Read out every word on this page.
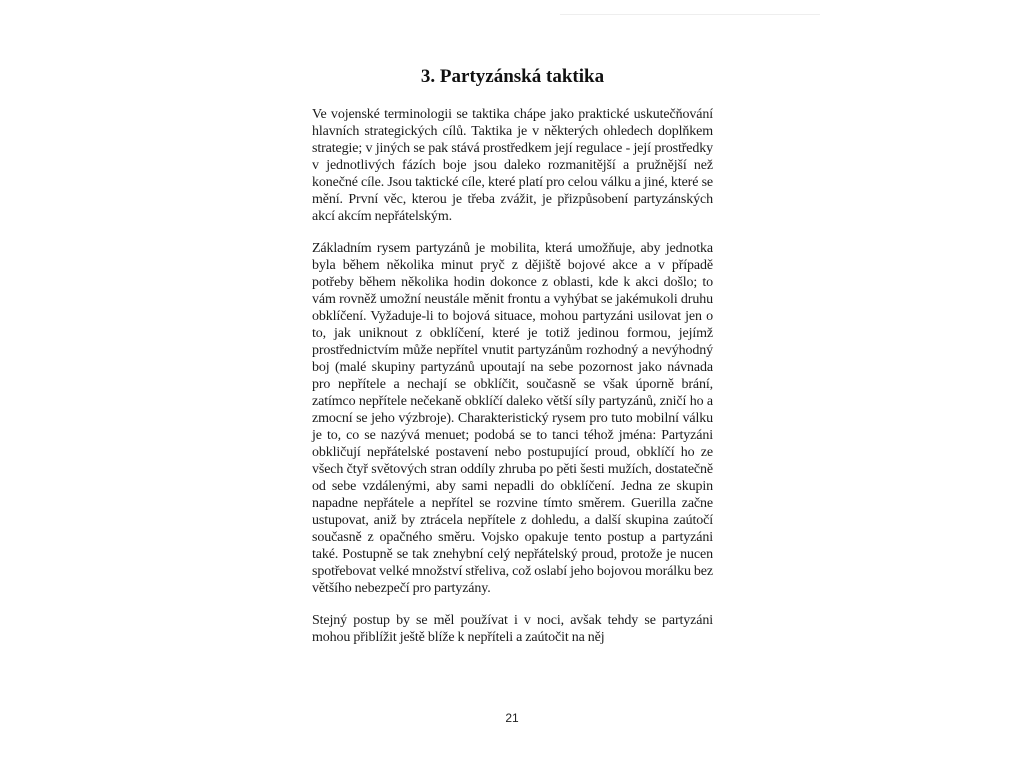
3. Partyzánská taktika

Ve vojenské terminologii se taktika chápe jako praktické uskutečňování hlavních strategických cílů. Taktika je v některých ohledech doplňkem strategie; v jiných se pak stává prostředkem její regulace - její prostředky v jednotlivých fázích boje jsou daleko rozmanitější a pružnější než konečné cíle. Jsou taktické cíle, které platí pro celou válku a jiné, které se mění. První věc, kterou je třeba zvážit, je přizpůsobení partyzánských akcí akcím nepřátelským.

Základním rysem partyzánů je mobilita, která umožňuje, aby jednotka byla během několika minut pryč z dějiště bojové akce a v případě potřeby během několika hodin dokonce z oblasti, kde k akci došlo; to vám rovněž umožní neustále měnit frontu a vyhýbat se jakémukoli druhu obklíčení. Vyžaduje-li to bojová situace, mohou partyzáni usilovat jen o to, jak uniknout z obklíčení, které je totiž jedinou formou, jejímž prostřednictvím může nepřítel vnutit partyzánům rozhodný a nevýhodný boj (malé skupiny partyzánů upoutají na sebe pozornost jako návnada pro nepřítele a nechají se obklíčit, současně se však úporně brání, zatímco nepřítele nečekaně obklíčí daleko větší síly partyzánů, zničí ho a zmocní se jeho výzbroje). Charakteristický rysem pro tuto mobilní válku je to, co se nazývá menuet; podobá se to tanci téhož jména: Partyzáni obkličují nepřátelské postavení nebo postupující proud, obklíčí ho ze všech čtyř světových stran oddíly zhruba po pěti šesti mužích, dostatečně od sebe vzdálenými, aby sami nepadli do obklíčení. Jedna ze skupin napadne nepřátele a nepřítel se rozvine tímto směrem. Guerilla začne ustupovat, aniž by ztrácela nepřítele z dohledu, a další skupina zaútočí současně z opačného směru. Vojsko opakuje tento postup a partyzáni také. Postupně se tak znehybní celý nepřátelský proud, protože je nucen spotřebovat velké množství střeliva, což oslabí jeho bojovou morálku bez většího nebezpečí pro partyzány.

Stejný postup by se měl používat i v noci, avšak tehdy se partyzáni mohou přiblížit ještě blíže k nepříteli a zaútočit na něj

21
